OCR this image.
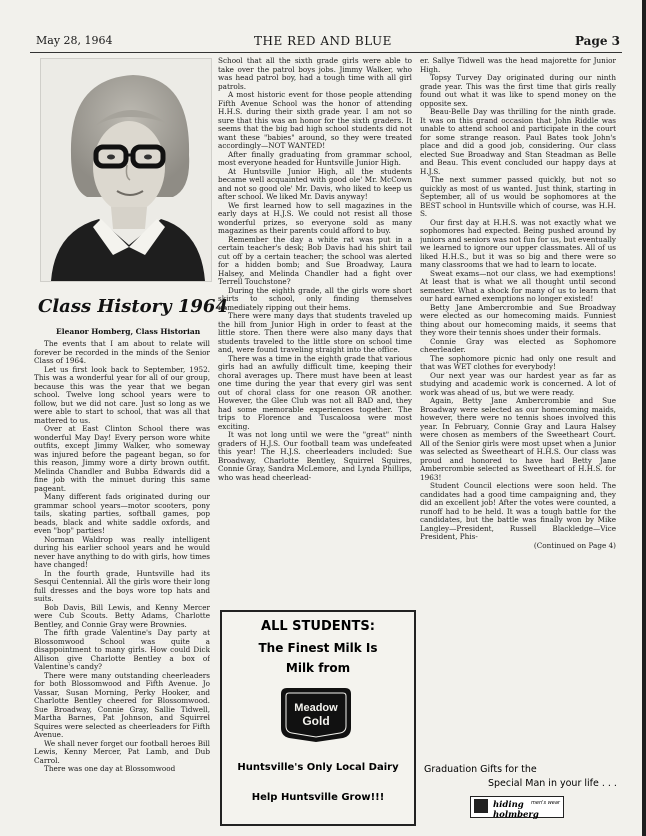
May 28, 1964	THE RED AND BLUE	Page 3
Class History 1964
Eleanor Homberg, Class Historian

The events that I am about to relate will forever be recorded in the minds of the Senior Class of 1964.

Let us first look back to September, 1952. This was a wonderful year for all of our group, because this was the year that we began school. Twelve long school years were to follow, but we did not care. Just so long as we were able to start to school, that was all that mattered to us.

Over at East Clinton School there was wonderful May Day! Every person wore white outfits, except Jimmy Walker, who someway was injured before the pageant began, so for this reason, Jimmy wore a dirty brown outfit. Melinda Chandler and Bubba Edwards did a fine job with the minuet during this same pageant.

Many different fads originated during our grammar school years—motor scooters, pony tails, skating parties, softball games, pop beads, black and white saddle oxfords, and even "bop" parties!

Norman Waldrop was really intelligent during his earlier school years and he would never have anything to do with girls, how times have changed!

In the fourth grade, Huntsville had its Sesqui Centennial. All the girls wore their long full dresses and the boys wore top hats and suits.

Bob Davis, Bill Lewis, and Kenny Mercer were Cub Scouts. Betty Adams, Charlotte Bentley, and Connie Gray were Brownies.

The fifth grade Valentine's Day party at Blossomwood School was quite a disappointment to many girls. How could Dick Allison give Charlotte Bentley a box of Valentine's candy?

There were many outstanding cheerleaders for both Blossomwood and Fifth Avenue. Jo Vassar, Susan Morning, Perky Hooker, and Charlotte Bentley cheered for Blossomwood. Sue Broadway, Connie Gray, Sallie Tidwell, Martha Barnes, Pat Johnson, and Squirrel Squires were selected as cheerleaders for Fifth Avenue.

We shall never forget our football heroes Bill Lewis, Kenny Mercer, Pat Lamb, and Dub Carrol.

There was one day at Blossomwood

School that all the sixth grade girls were able to take over the patrol boys jobs. Jimmy Walker, who was head patrol boy, had a tough time with all girl patrols.

A most historic event for those people attending Fifth Avenue School was the honor of attending H.H.S. during their sixth grade year. I am not so sure that this was an honor for the sixth graders. It seems that the big bad high school students did not want these "babies" around, so they were treated accordingly—NOT WANTED!

After finally graduating from grammar school, most everyone headed for Huntsville Junior High.

At Huntsville Junior High, all the students became well acquainted with good ole' Mr. McCown and not so good ole' Mr. Davis, who liked to keep us after school. We liked Mr. Davis anyway!

We first learned how to sell magazines in the early days at H.J.S. We could not resist all those wonderful prizes, so everyone sold as many magazines as their parents could afford to buy.

Remember the day a white rat was put in a certain teacher's desk; Bob Davis had his shirt tail cut off by a certain teacher; the school was alerted for a hidden bomb; and Sue Broadway, Laura Halsey, and Melinda Chandler had a fight over Terrell Touchstone?

During the eighth grade, all the girls wore short skirts to school, only finding themselves immediately ripping out their hems.

There were many days that students traveled up the hill from Junior High in order to feast at the little store. Then there were also many days that students traveled to the little store on school time and, were found traveling straight into the office.

There was a time in the eighth grade that various girls had an awfully difficult time, keeping their choral averages up. There must have been at least one time during the year that every girl was sent out of choral class for one reason OR another. However, the Glee Club was not all BAD and, they had some memorable experiences together. The trips to Florence and Tuscaloosa were most exciting.

It was not long until we were the "great" ninth graders of H.J.S. Our football team was undefeated this year! The H.J.S. cheerleaders included: Sue Broadway, Charlotte Bentley, Squirrel Squires, Connie Gray, Sandra McLemore, and Lynda Phillips, who was head cheerlead-

er. Sallye Tidwell was the head majorette for Junior High.

Topsy Turvey Day originated during our ninth grade year. This was the first time that girls really found out what it was like to spend money on the opposite sex.

Beau-Belle Day was thrilling for the ninth grade. It was on this grand occasion that John Riddle was unable to attend school and participate in the court for some strange reason. Paul Bates took John's place and did a good job, considering. Our class elected Sue Broadway and Stan Steadman as Belle and Beau. This event concluded our happy days at H.J.S.

The next summer passed quickly, but not so quickly as most of us wanted. Just think, starting in September, all of us would be sophomores at the BEST school in Huntsville which of course, was H.H. S.

Our first day at H.H.S. was not exactly what we sophomores had expected. Being pushed around by juniors and seniors was not fun for us, but eventually we learned to ignore our upper classmates. All of us liked H.H.S., but it was so big and there were so many classrooms that we had to learn to locate.

Sweat exams—not our class, we had exemptions! At least that is what we all thought until second semester. What a shock for many of us to learn that our hard earned exemptions no longer existed!

Betty Jane Ambercrombie and Sue Broadway were elected as our homecoming maids. Funniest thing about our homecoming maids, it seems that they wore their tennis shoes under their formals.

Connie Gray was elected as Sophomore cheerleader.

The sophomore picnic had only one result and that was WET clothes for everybody!

Our next year was our hardest year as far as studying and academic work is concerned. A lot of work was ahead of us, but we were ready.

Again, Betty Jane Ambercrombie and Sue Broadway were selected as our homecoming maids, however, there were no tennis shoes involved this year. In February, Connie Gray and Laura Halsey were chosen as members of the Sweetheart Court. All of the Senior girls were most upset when a Junior was selected as Sweetheart of H.H.S. Our class was proud and honored to have had Betty Jane Ambercrombie selected as Sweetheart of H.H.S. for 1963!

Student Council elections were soon held. The candidates had a good time campaigning and, they did an excellent job! After the votes were counted, a runoff had to be held. It was a tough battle for the candidates, but the battle was finally won by Mike Langley—President, Russell Blackledge—Vice President, Phis-

(Continued on Page 4)

ALL STUDENTS:
The Finest Milk Is
Milk from
Meadow
Gold
Huntsville's Only Local Dairy
Help Huntsville Grow!!!
Graduation Gifts for the
Special Man in your life . . .
hiding holmberg
men's wear
